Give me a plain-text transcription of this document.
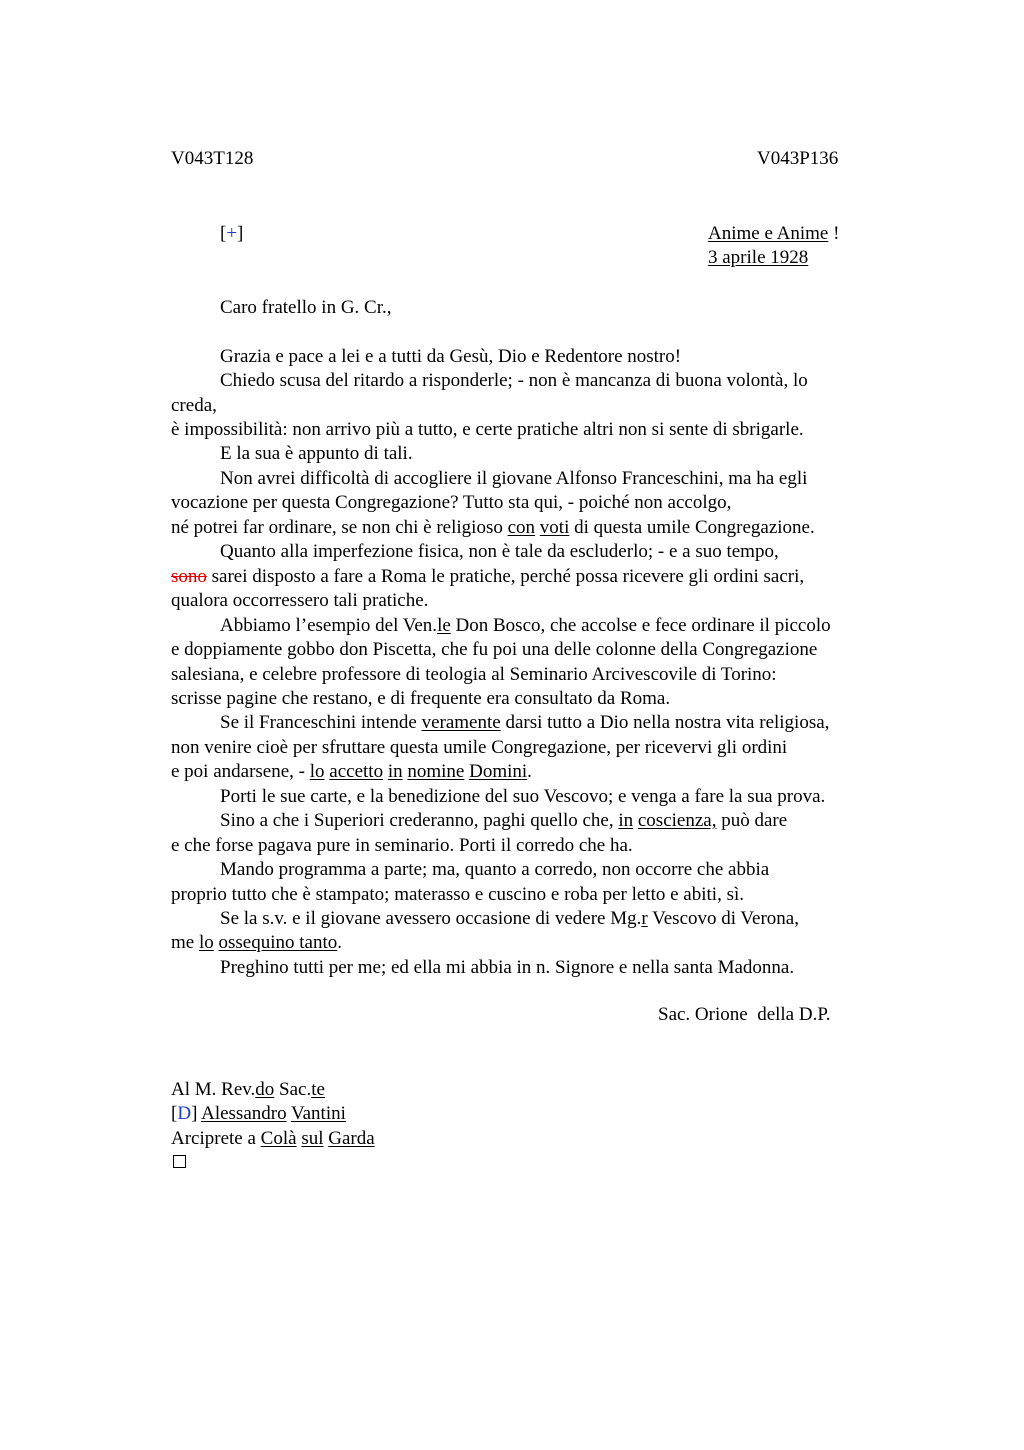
V043T128	V043P136
[+]	Anime e Anime !
3 aprile 1928
Caro fratello in G. Cr.,
Grazia e pace a lei e a tutti da Gesù, Dio e Redentore nostro!
Chiedo scusa del ritardo a risponderle; - non è mancanza di buona volontà, lo
creda,
è impossibilità: non arrivo più a tutto, e certe pratiche altri non si sente di sbrigarle.
E la sua è appunto di tali.
Non avrei difficoltà di accogliere il giovane Alfonso Franceschini, ma ha egli
vocazione per questa Congregazione? Tutto sta qui, - poiché non accolgo,
né potrei far ordinare, se non chi è religioso con voti di questa umile Congregazione.
Quanto alla imperfezione fisica, non è tale da escluderlo; - e a suo tempo,
sono sarei disposto a fare a Roma le pratiche, perché possa ricevere gli ordini sacri,
qualora occorressero tali pratiche.
Abbiamo l’esempio del Ven.le Don Bosco, che accolse e fece ordinare il piccolo
e doppiamente gobbo don Piscetta, che fu poi una delle colonne della Congregazione
salesiana, e celebre professore di teologia al Seminario Arcivescovile di Torino:
scrisse pagine che restano, e di frequente era consultato da Roma.
Se il Franceschini intende veramente darsi tutto a Dio nella nostra vita religiosa,
non venire cioè per sfruttare questa umile Congregazione, per ricevervi gli ordini
e poi andarsene, - lo accetto in nomine Domini.
Porti le sue carte, e la benedizione del suo Vescovo; e venga a fare la sua prova.
Sino a che i Superiori crederanno, paghi quello che, in coscienza, può dare
e che forse pagava pure in seminario. Porti il corredo che ha.
Mando programma a parte; ma, quanto a corredo, non occorre che abbia
proprio tutto che è stampato; materasso e cuscino e roba per letto e abiti, sì.
Se la s.v. e il giovane avessero occasione di vedere Mg.r Vescovo di Verona,
me lo ossequino tanto.
Preghino tutti per me; ed ella mi abbia in n. Signore e nella santa Madonna.
Sac. Orione  della D.P.
Al M. Rev.do Sac.te
[D] Alessandro Vantini
Arciprete a Colà sul Garda
